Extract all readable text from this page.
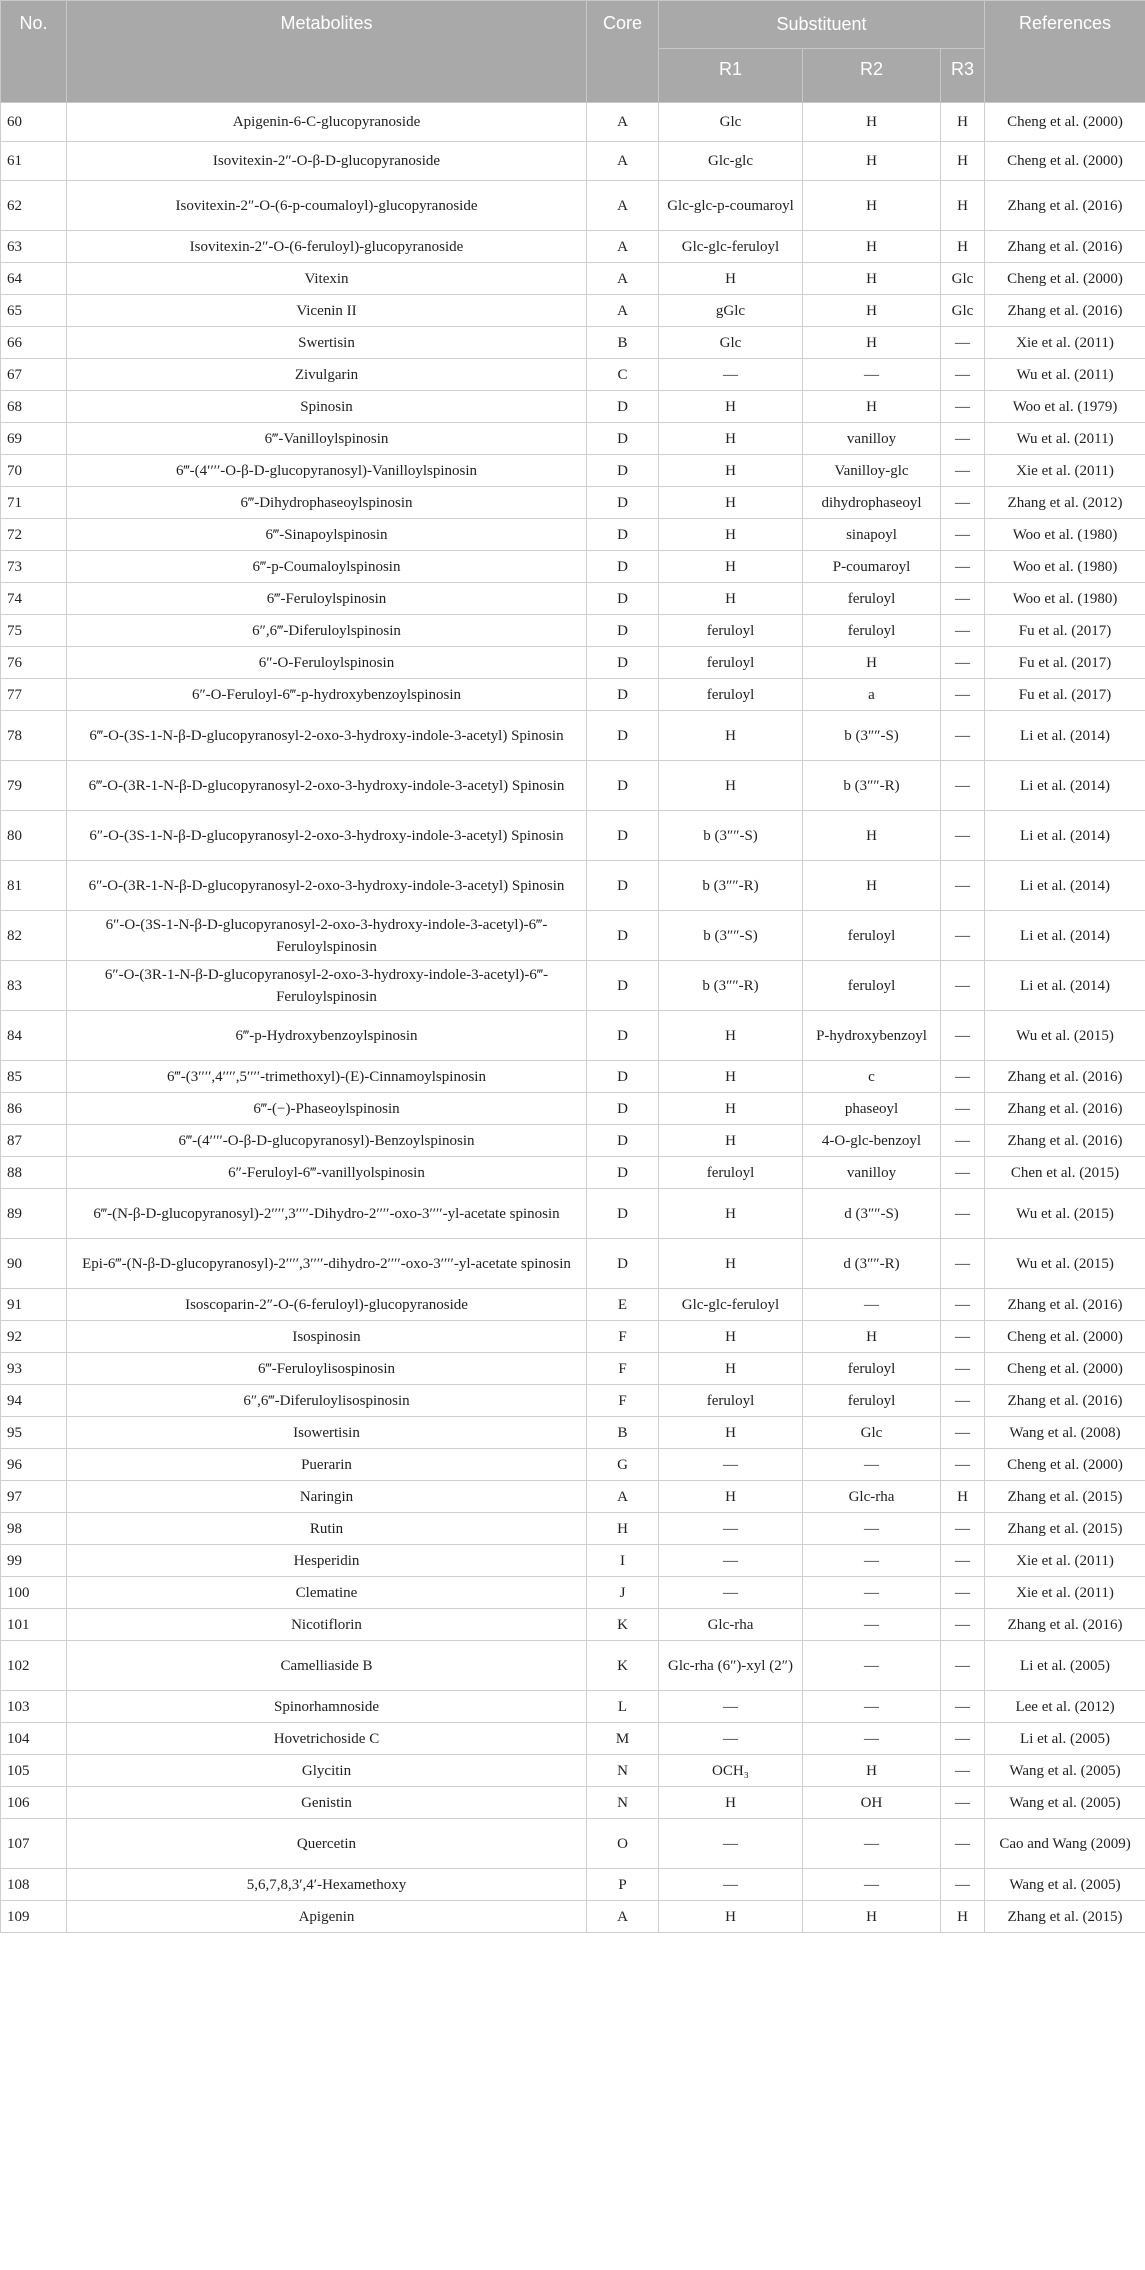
No.	Metabolites	Core	Substituent			References
			R1	R2	R3	
60	Apigenin-6-C-glucopyranoside	A	Glc	H	H	Cheng et al. (2000)
61	Isovitexin-2″-O-β-D-glucopyranoside	A	Glc-glc	H	H	Cheng et al. (2000)
62	Isovitexin-2″-O-(6-p-coumaloyl)-glucopyranoside	A	Glc-glc-p-coumaroyl	H	H	Zhang et al. (2016)
63	Isovitexin-2″-O-(6-feruloyl)-glucopyranoside	A	Glc-glc-feruloyl	H	H	Zhang et al. (2016)
64	Vitexin	A	H	H	Glc	Cheng et al. (2000)
65	Vicenin II	A	gGlc	H	Glc	Zhang et al. (2016)
66	Swertisin	B	Glc	H	—	Xie et al. (2011)
67	Zivulgarin	C	—	—	—	Wu et al. (2011)
68	Spinosin	D	H	H	—	Woo et al. (1979)
69	6‴-Vanilloylspinosin	D	H	vanilloy	—	Wu et al. (2011)
70	6‴-(4′′′′-O-β-D-glucopyranosyl)-Vanilloylspinosin	D	H	Vanilloy-glc	—	Xie et al. (2011)
71	6‴-Dihydrophaseoylspinosin	D	H	dihydrophaseoyl	—	Zhang et al. (2012)
72	6‴-Sinapoylspinosin	D	H	sinapoyl	—	Woo et al. (1980)
73	6‴-p-Coumaloylspinosin	D	H	P-coumaroyl	—	Woo et al. (1980)
74	6‴-Feruloylspinosin	D	H	feruloyl	—	Woo et al. (1980)
75	6″,6‴-Diferuloylspinosin	D	feruloyl	feruloyl	—	Fu et al. (2017)
76	6″-O-Feruloylspinosin	D	feruloyl	H	—	Fu et al. (2017)
77	6″-O-Feruloyl-6‴-p-hydroxybenzoylspinosin	D	feruloyl	a	—	Fu et al. (2017)
78	6‴-O-(3S-1-N-β-D-glucopyranosyl-2-oxo-3-hydroxy-indole-3-acetyl) Spinosin	D	H	b (3″″-S)	—	Li et al. (2014)
79	6‴-O-(3R-1-N-β-D-glucopyranosyl-2-oxo-3-hydroxy-indole-3-acetyl) Spinosin	D	H	b (3″″-R)	—	Li et al. (2014)
80	6″-O-(3S-1-N-β-D-glucopyranosyl-2-oxo-3-hydroxy-indole-3-acetyl) Spinosin	D	b (3″″-S)	H	—	Li et al. (2014)
81	6″-O-(3R-1-N-β-D-glucopyranosyl-2-oxo-3-hydroxy-indole-3-acetyl) Spinosin	D	b (3″″-R)	H	—	Li et al. (2014)
82	6″-O-(3S-1-N-β-D-glucopyranosyl-2-oxo-3-hydroxy-indole-3-acetyl)-6‴-Feruloylspinosin	D	b (3″″-S)	feruloyl	—	Li et al. (2014)
83	6″-O-(3R-1-N-β-D-glucopyranosyl-2-oxo-3-hydroxy-indole-3-acetyl)-6‴-Feruloylspinosin	D	b (3″″-R)	feruloyl	—	Li et al. (2014)
84	6‴-p-Hydroxybenzoylspinosin	D	H	P-hydroxybenzoyl	—	Wu et al. (2015)
85	6‴-(3′′′′,4′′′′,5′′′′-trimethoxyl)-(E)-Cinnamoylspinosin	D	H	c	—	Zhang et al. (2016)
86	6‴-(−)-Phaseoylspinosin	D	H	phaseoyl	—	Zhang et al. (2016)
87	6‴-(4′′′′-O-β-D-glucopyranosyl)-Benzoylspinosin	D	H	4-O-glc-benzoyl	—	Zhang et al. (2016)
88	6″-Feruloyl-6‴-vanillyolspinosin	D	feruloyl	vanilloy	—	Chen et al. (2015)
89	6‴-(N-β-D-glucopyranosyl)-2′′′′,3′′′′-Dihydro-2′′′′-oxo-3′′′′-yl-acetate spinosin	D	H	d (3″″-S)	—	Wu et al. (2015)
90	Epi-6‴-(N-β-D-glucopyranosyl)-2′′′′,3′′′′-dihydro-2′′′′-oxo-3′′′′-yl-acetate spinosin	D	H	d (3″″-R)	—	Wu et al. (2015)
91	Isoscoparin-2″-O-(6-feruloyl)-glucopyranoside	E	Glc-glc-feruloyl	—	—	Zhang et al. (2016)
92	Isospinosin	F	H	H	—	Cheng et al. (2000)
93	6‴-Feruloylisospinosin	F	H	feruloyl	—	Cheng et al. (2000)
94	6″,6‴-Diferuloylisospinosin	F	feruloyl	feruloyl	—	Zhang et al. (2016)
95	Isowertisin	B	H	Glc	—	Wang et al. (2008)
96	Puerarin	G	—	—	—	Cheng et al. (2000)
97	Naringin	A	H	Glc-rha	H	Zhang et al. (2015)
98	Rutin	H	—	—	—	Zhang et al. (2015)
99	Hesperidin	I	—	—	—	Xie et al. (2011)
100	Clematine	J	—	—	—	Xie et al. (2011)
101	Nicotiflorin	K	Glc-rha	—	—	Zhang et al. (2016)
102	Camelliaside B	K	Glc-rha (6″)-xyl (2″)	—	—	Li et al. (2005)
103	Spinorhamnoside	L	—	—	—	Lee et al. (2012)
104	Hovetrichoside C	M	—	—	—	Li et al. (2005)
105	Glycitin	N	OCH₃	H	—	Wang et al. (2005)
106	Genistin	N	H	OH	—	Wang et al. (2005)
107	Quercetin	O	—	—	—	Cao and Wang (2009)
108	5,6,7,8,3′,4′-Hexamethoxy	P	—	—	—	Wang et al. (2005)
109	Apigenin	A	H	H	H	Zhang et al. (2015)
